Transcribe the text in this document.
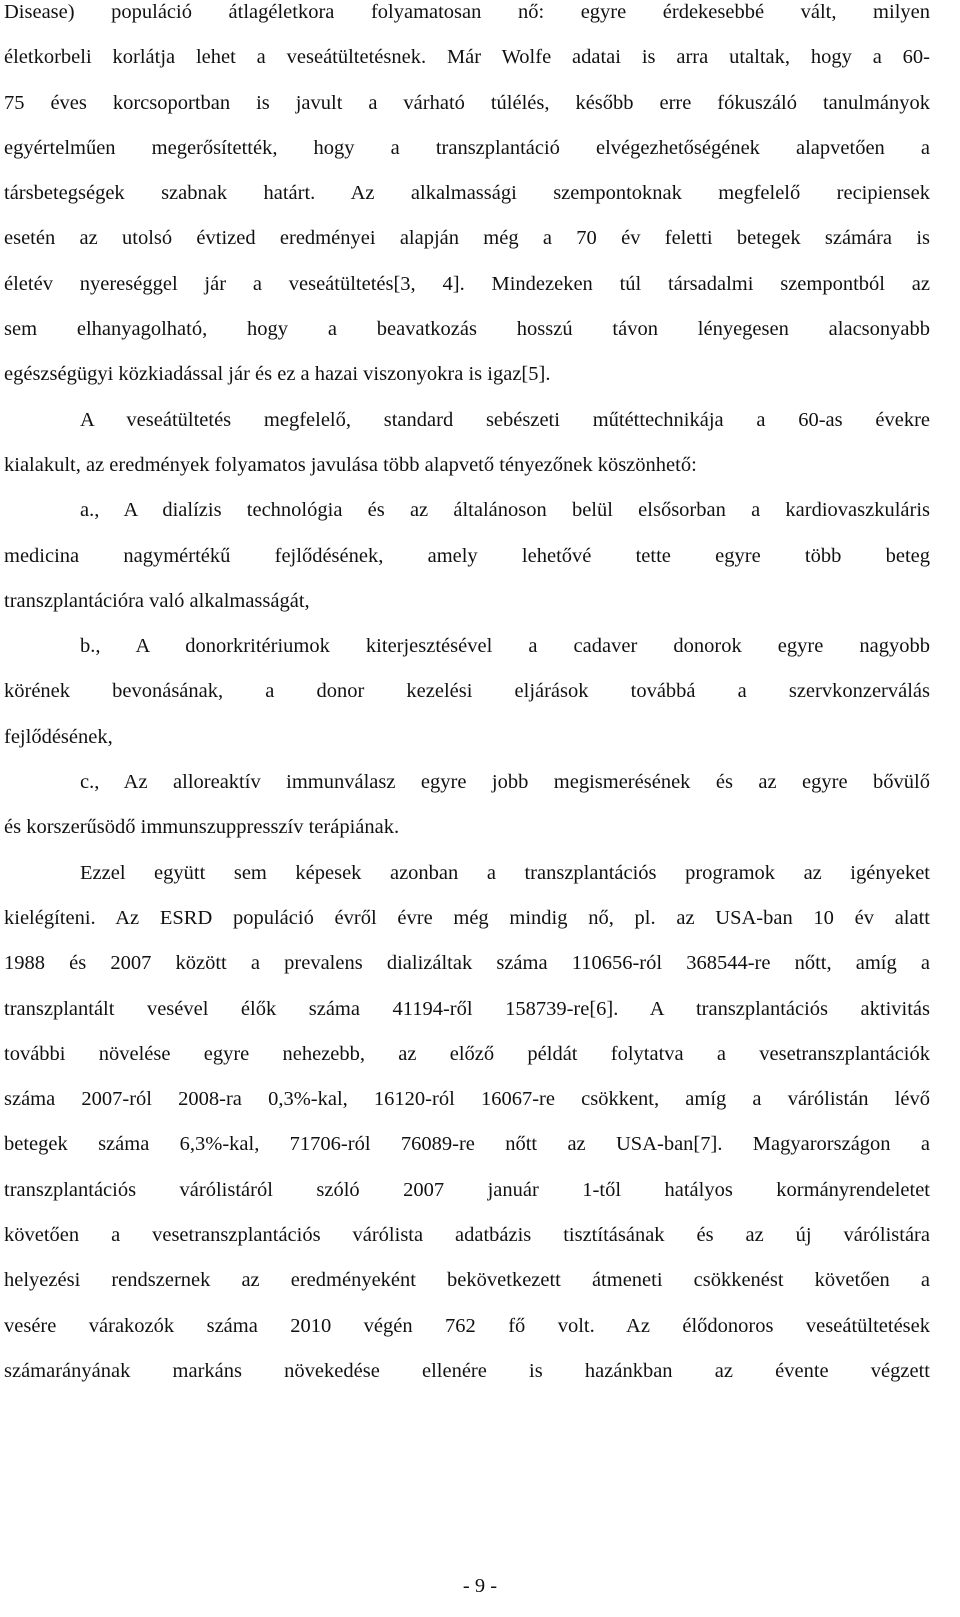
Disease) populáció átlagéletkora folyamatosan nő: egyre érdekesebbé vált, milyen
életkorbeli korlátja lehet a veseátültetésnek. Már Wolfe adatai is arra utaltak, hogy a 60-
75 éves korcsoportban is javult a várható túlélés, később erre fókuszáló tanulmányok
egyértelműen megerősítették, hogy a transzplantáció elvégezhetőségének alapvetően a
társbetegségek szabnak határt. Az alkalmassági szempontoknak megfelelő recipiensek
esetén az utolsó évtized eredményei alapján még a 70 év feletti betegek számára is
életév nyereséggel jár a veseátültetés[3, 4]. Mindezeken túl társadalmi szempontból az
sem elhanyagolható, hogy a beavatkozás hosszú távon lényegesen alacsonyabb
egészségügyi közkiadással jár és ez a hazai viszonyokra is igaz[5].
A veseátültetés megfelelő, standard sebészeti műtéttechnikája a 60-as évekre
kialakult, az eredmények folyamatos javulása több alapvető tényezőnek köszönhető:
a., A dialízis technológia és az általánoson belül elsősorban a kardiovaszkuláris
medicina nagymértékű fejlődésének, amely lehetővé tette egyre több beteg
transzplantációra való alkalmasságát,
b., A donorkritériumok kiterjesztésével a cadaver donorok egyre nagyobb
körének bevonásának, a donor kezelési eljárások továbbá a szervkonzerválás
fejlődésének,
c., Az alloreaktív immunválasz egyre jobb megismerésének és az egyre bővülő
és korszerűsödő immunszuppresszív terápiának.
Ezzel együtt sem képesek azonban a transzplantációs programok az igényeket
kielégíteni. Az ESRD populáció évről évre még mindig nő, pl. az USA-ban 10 év alatt
1988 és 2007 között a prevalens dializáltak száma 110656-ról 368544-re nőtt, amíg a
transzplantált vesével élők száma 41194-ről 158739-re[6]. A transzplantációs aktivitás
további növelése egyre nehezebb, az előző példát folytatva a vesetranszplantációk
száma 2007-ról 2008-ra 0,3%-kal, 16120-ról 16067-re csökkent, amíg a várólistán lévő
betegek száma 6,3%-kal, 71706-ról 76089-re nőtt az USA-ban[7]. Magyarországon a
transzplantációs várólistáról szóló 2007 január 1-től hatályos kormányrendeletet
követően a vesetranszplantációs várólista adatbázis tisztításának és az új várólistára
helyezési rendszernek az eredményeként bekövetkezett átmeneti csökkenést követően a
vesére várakozók száma 2010 végén 762 fő volt. Az élődonoros veseátültetések
számarányának markáns növekedése ellenére is hazánkban az évente végzett
- 9 -
